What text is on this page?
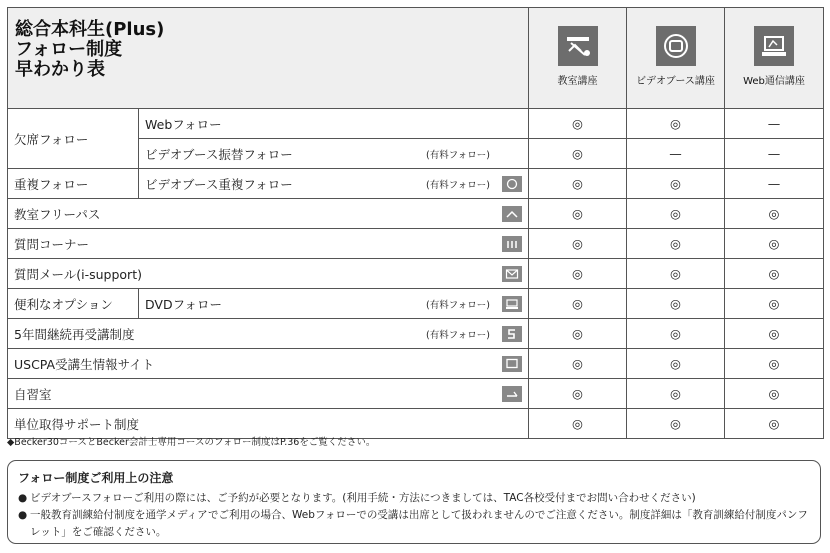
総合本科生(Plus)
フォロー制度
早わかり表		教室講座	ビデオブース講座	Web通信講座

欠席フォロー	Webフォロー	◎	◎	—

	ビデオブース振替フォロー (有料フォロー)	◎	—	—
重複フォロー	ビデオブース重複フォロー (有料フォロー)	◎	◎	—

教室フリーパス		◎	◎	◎

質問コーナー		◎	◎	◎

質問メール(i-support)		◎	◎	◎
便利なオプション	DVDフォロー (有料フォロー)	◎	◎	◎

5年間継続再受講制度 (有料フォロー)		◎	◎	◎

USCPA受講生情報サイト		◎	◎	◎

自習室		◎	◎	◎

単位取得サポート制度		◎	◎	◎
◆Becker30コースとBecker会計士専用コースのフォロー制度はP.36をご覧ください。
フォロー制度ご利用上の注意
● ビデオブースフォローご利用の際には、ご予約が必要となります。(利用手続・方法につきましては、TAC各校受付までお問い合わせください)
● 一般教育訓練給付制度を通学メディアでご利用の場合、Webフォローでの受講は出席として扱われませんのでご注意ください。制度詳細は「教育訓練給付制度パンフレット」をご確認ください。
